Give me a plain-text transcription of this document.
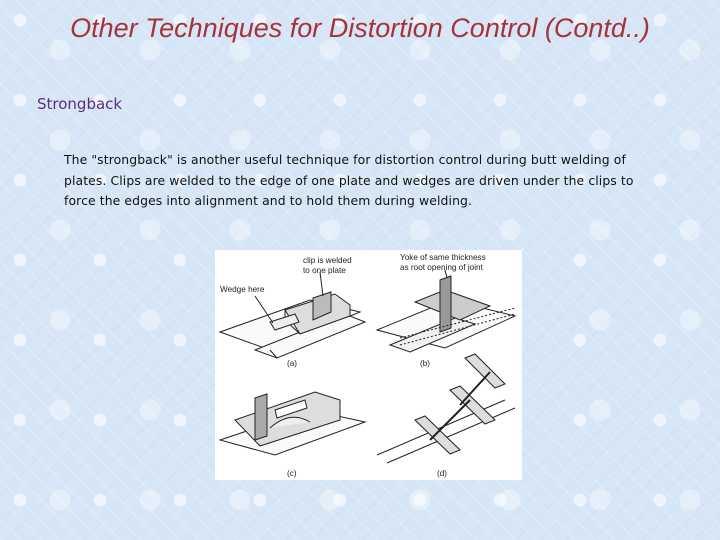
Other Techniques for Distortion Control (Contd..)
Strongback
The "strongback" is another useful technique for distortion control during butt welding of plates. Clips are welded to the edge of one plate and wedges are driven under the clips to force the edges into alignment and to hold them during welding.
clip is welded
to one plate
Wedge here
Yoke of same thickness
as root opening of joint
(a)	(b)
(c)	(d)
